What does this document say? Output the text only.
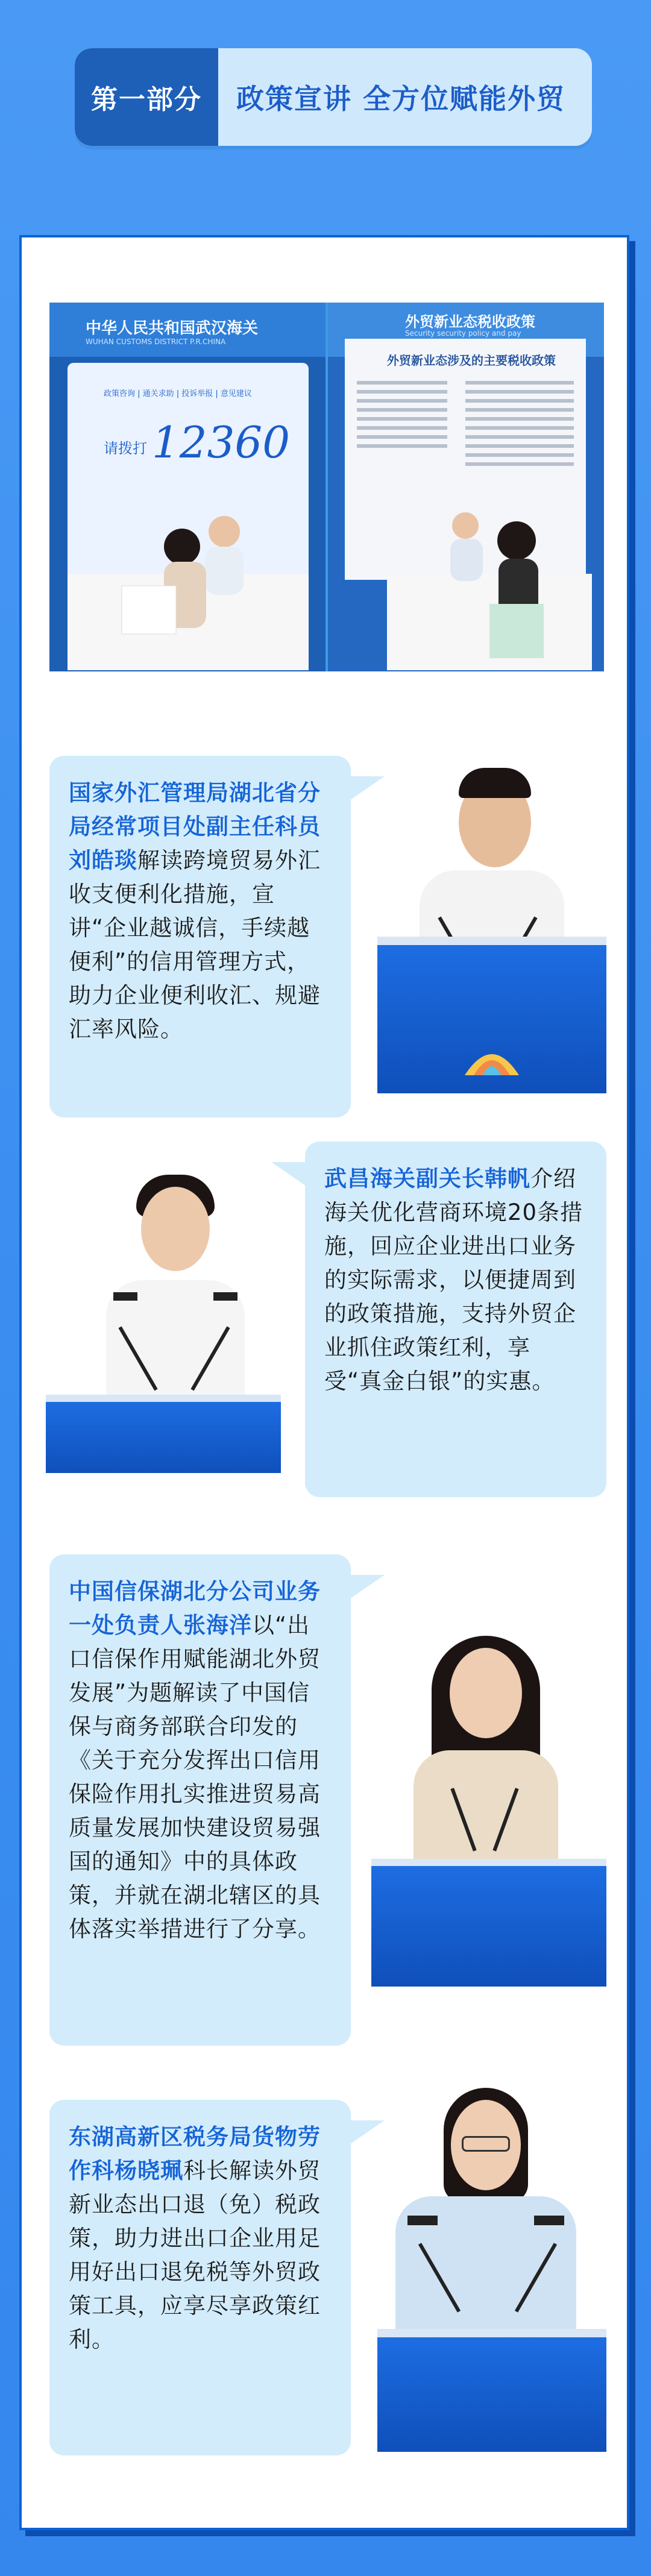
第一部分	政策宣讲 全方位赋能外贸
中华人民共和国武汉海关
WUHAN CUSTOMS DISTRICT P.R.CHINA
政策咨询 | 通关求助 | 投诉举报 | 意见建议
请拨打 12360
外贸新业态税收政策
Security security policy and pay
外贸新业态涉及的主要税收政策
国家外汇管理局湖北省分局经常项目处副主任科员刘皓琰解读跨境贸易外汇收支便利化措施，宣讲“企业越诚信，手续越便利”的信用管理方式，助力企业便利收汇、规避汇率风险。
武昌海关副关长韩帆介绍海关优化营商环境20条措施，回应企业进出口业务的实际需求，以便捷周到的政策措施，支持外贸企业抓住政策红利，享受“真金白银”的实惠。
中国信保湖北分公司业务一处负责人张海洋以“出口信保作用赋能湖北外贸发展”为题解读了中国信保与商务部联合印发的《关于充分发挥出口信用保险作用扎实推进贸易高质量发展加快建设贸易强国的通知》中的具体政策，并就在湖北辖区的具体落实举措进行了分享。
东湖高新区税务局货物劳作科杨晓珮科长解读外贸新业态出口退（免）税政策，助力进出口企业用足用好出口退免税等外贸政策工具，应享尽享政策红利。
